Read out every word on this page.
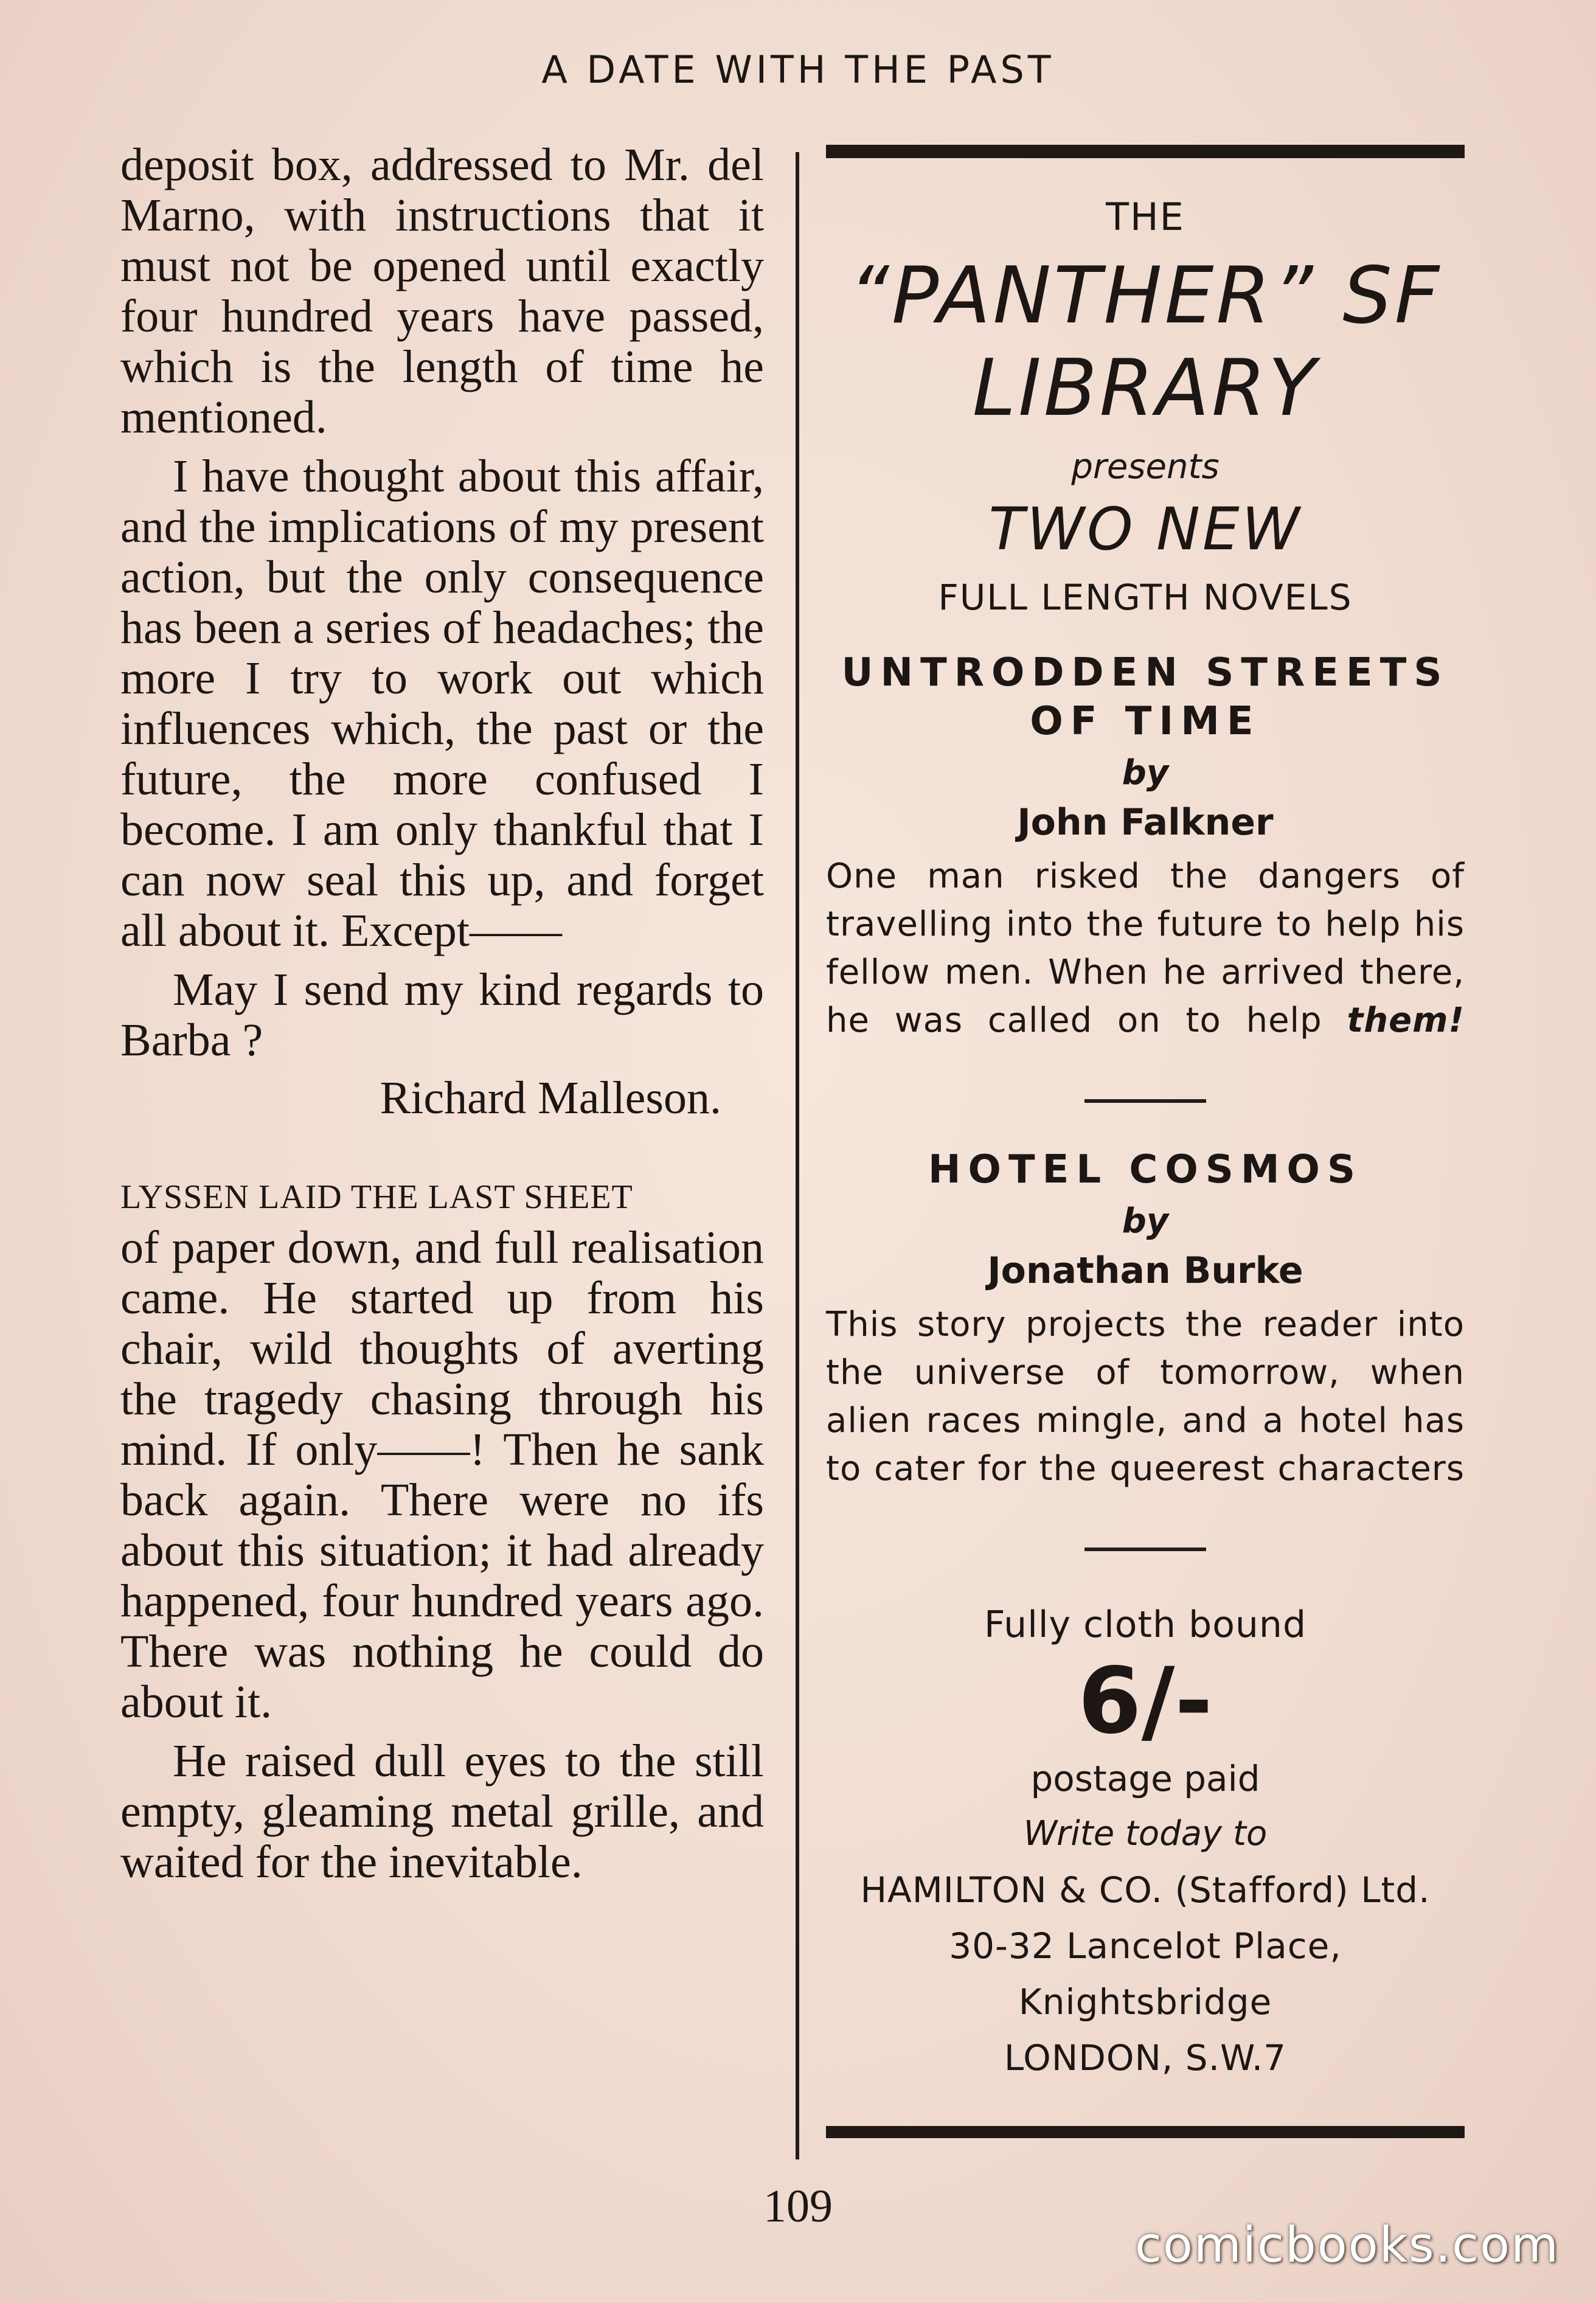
A DATE WITH THE PAST

deposit box, addressed to Mr. del Marno, with instructions that it must not be opened until exactly four hundred years have passed, which is the length of time he mentioned.

I have thought about this affair, and the implications of my present action, but the only consequence has been a series of headaches; the more I try to work out which influences which, the past or the future, the more confused I become. I am only thankful that I can now seal this up, and forget all about it. Except——

May I send my kind regards to Barba ?

Richard Malleson.

LYSSEN LAID THE LAST SHEET
of paper down, and full realisation came. He started up from his chair, wild thoughts of averting the tragedy chasing through his mind. If only——! Then he sank back again. There were no ifs about this situation; it had already happened, four hundred years ago. There was nothing he could do about it.

He raised dull eyes to the still empty, gleaming metal grille, and waited for the inevitable.

THE
“PANTHER” SF
LIBRARY
presents
TWO NEW
FULL LENGTH NOVELS
UNTRODDEN STREETS
OF TIME
by
John Falkner
One man risked the dangers of travelling into the future to help his fellow men. When he arrived there, he was called on to help them!
HOTEL COSMOS
by
Jonathan Burke
This story projects the reader into the universe of tomorrow, when alien races mingle, and a hotel has to cater for the queerest characters
Fully cloth bound
6/-
postage paid
Write today to
HAMILTON & CO. (Stafford) Ltd.
30-32 Lancelot Place, Knightsbridge
LONDON, S.W.7
109
comicbooks.com
